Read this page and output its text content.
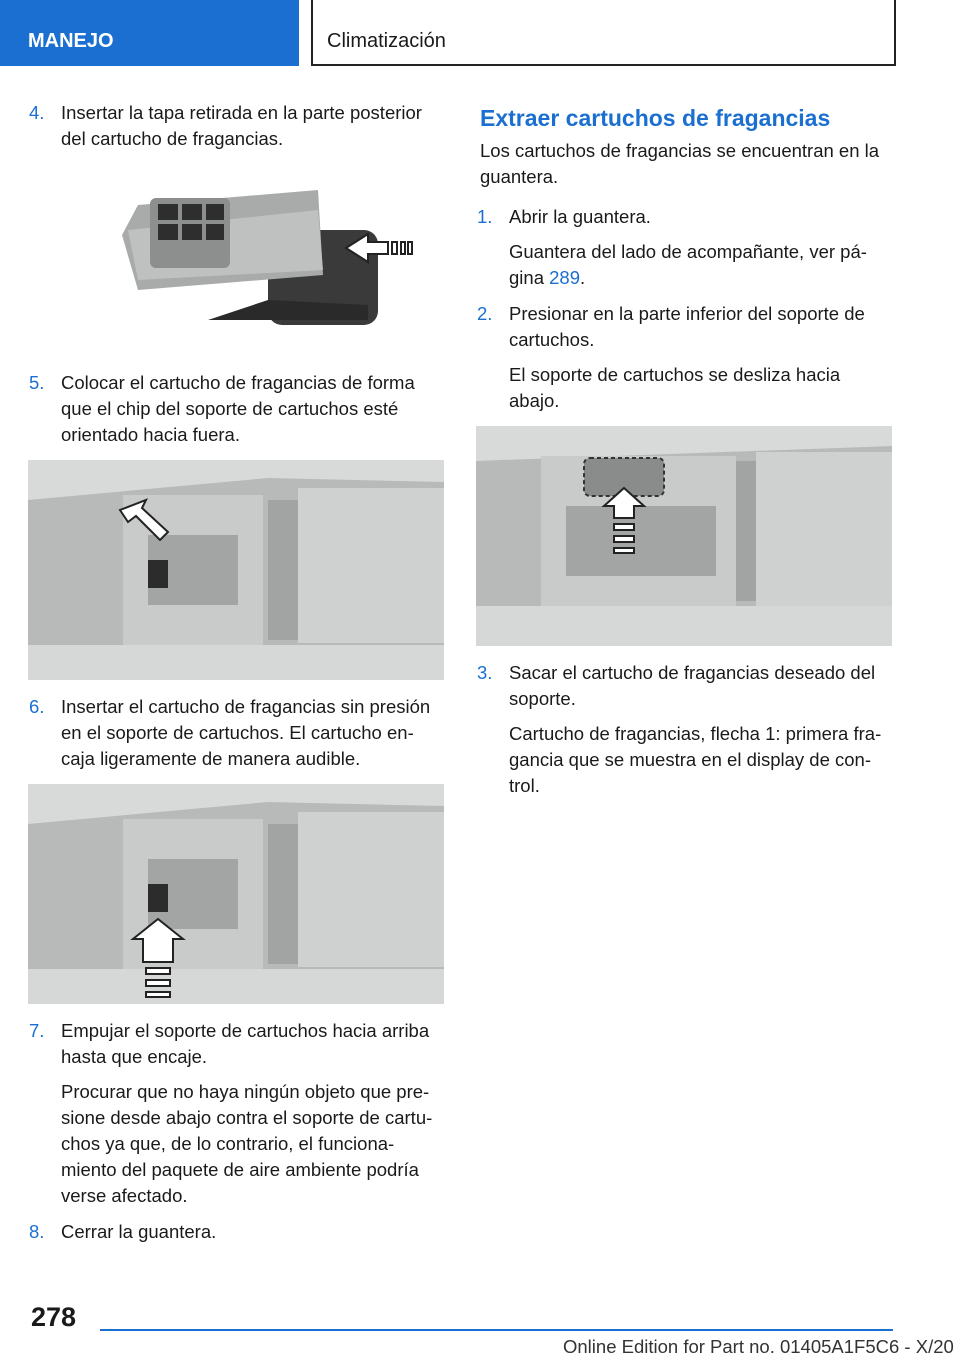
MANEJO	Climatización
4. Insertar la tapa retirada en la parte posterior del cartucho de fragancias.

5. Colocar el cartucho de fragancias de forma que el chip del soporte de cartuchos esté orientado hacia fuera.

6. Insertar el cartucho de fragancias sin presión en el soporte de cartuchos. El cartucho en-caja ligeramente de manera audible.

7. Empujar el soporte de cartuchos hacia arriba hasta que encaje.

Procurar que no haya ningún objeto que pre-sione desde abajo contra el soporte de cartu-chos ya que, de lo contrario, el funciona-miento del paquete de aire ambiente podría verse afectado.

8. Cerrar la guantera.

Extraer cartuchos de fragancias

Los cartuchos de fragancias se encuentran en la guantera.

1. Abrir la guantera.

Guantera del lado de acompañante, ver pá-gina 289.

2. Presionar en la parte inferior del soporte de cartuchos.

El soporte de cartuchos se desliza hacia abajo.

3. Sacar el cartucho de fragancias deseado del soporte.

Cartucho de fragancias, flecha 1: primera fra-gancia que se muestra en el display de con-trol.

278
Online Edition for Part no. 01405A1F5C6 - X/20
